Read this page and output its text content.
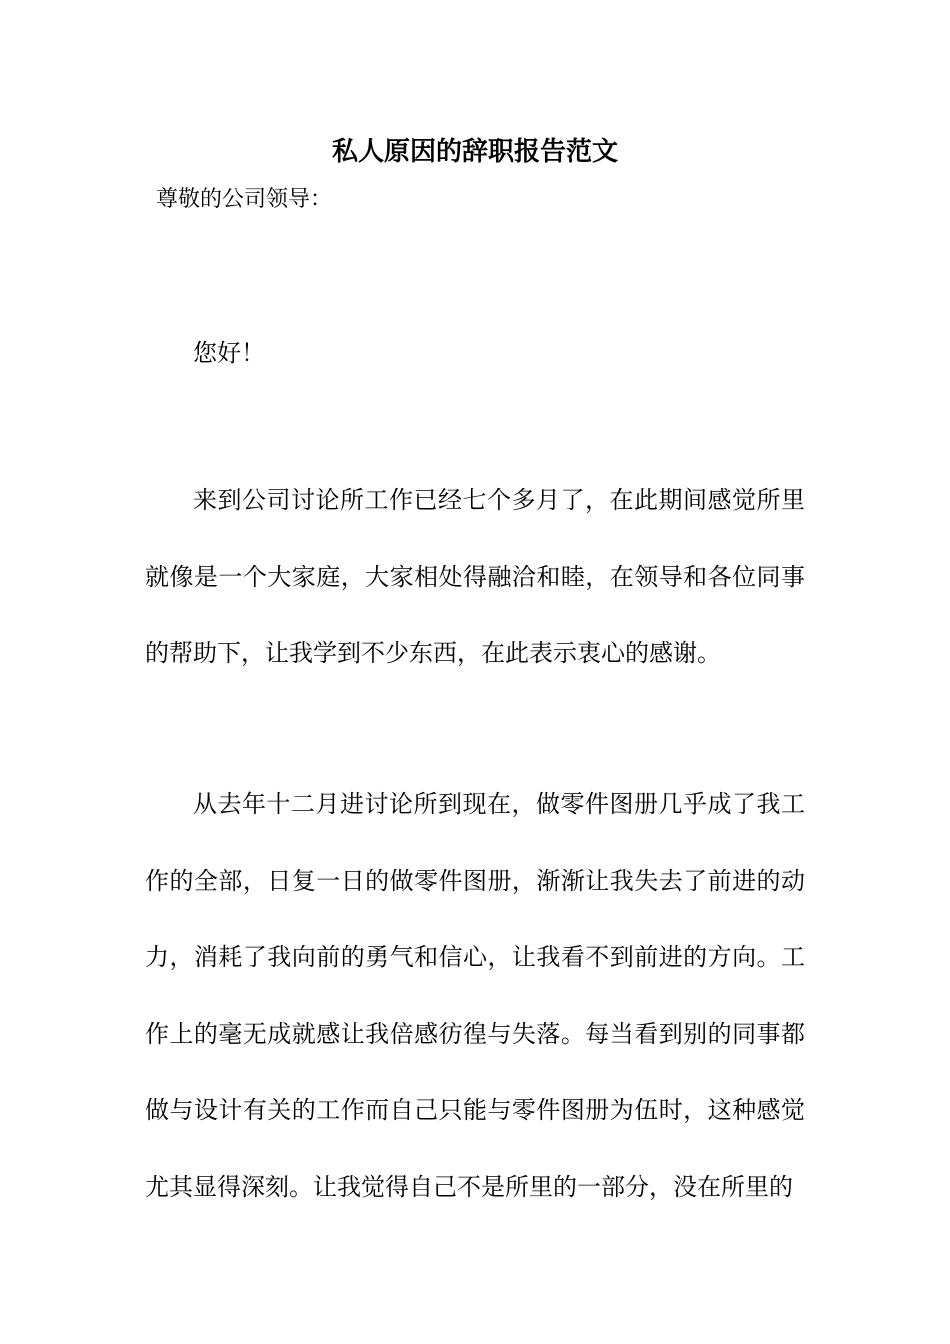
私人原因的辞职报告范文
尊敬的公司领导：
您好！
来到公司讨论所工作已经七个多月了，在此期间感觉所里就像是一个大家庭，大家相处得融洽和睦，在领导和各位同事的帮助下，让我学到不少东西，在此表示衷心的感谢。
从去年十二月进讨论所到现在，做零件图册几乎成了我工作的全部，日复一日的做零件图册，渐渐让我失去了前进的动力，消耗了我向前的勇气和信心，让我看不到前进的方向。工作上的毫无成就感让我倍感彷徨与失落。每当看到别的同事都做与设计有关的工作而自己只能与零件图册为伍时，这种感觉尤其显得深刻。让我觉得自己不是所里的一部分，没在所里的
